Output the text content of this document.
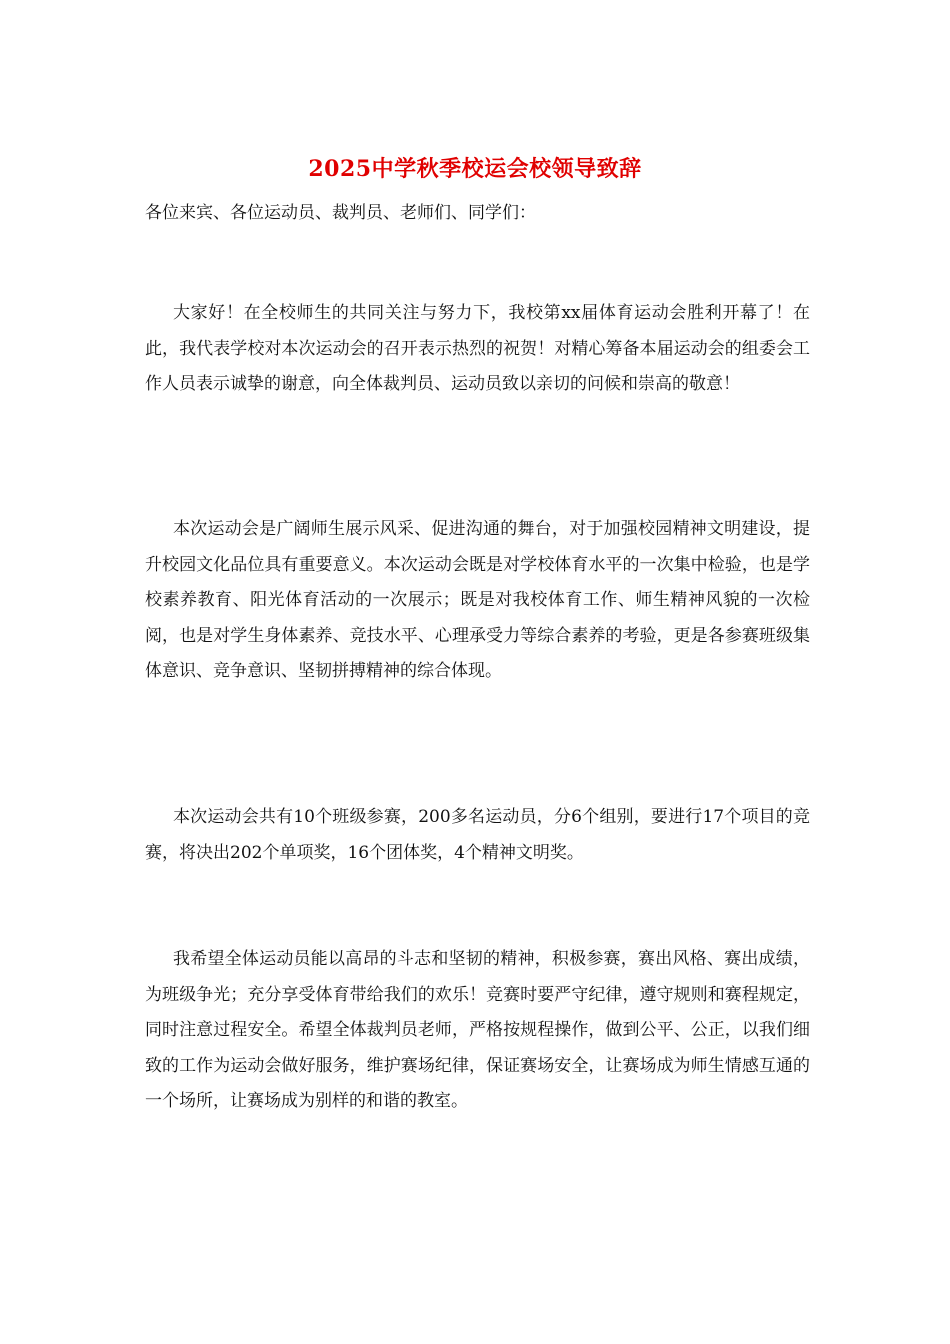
2025中学秋季校运会校领导致辞

各位来宾、各位运动员、裁判员、老师们、同学们：

大家好！在全校师生的共同关注与努力下，我校第xx届体育运动会胜利开幕了！在此，我代表学校对本次运动会的召开表示热烈的祝贺！对精心筹备本届运动会的组委会工作人员表示诚挚的谢意，向全体裁判员、运动员致以亲切的问候和崇高的敬意！

本次运动会是广阔师生展示风采、促进沟通的舞台，对于加强校园精神文明建设，提升校园文化品位具有重要意义。本次运动会既是对学校体育水平的一次集中检验，也是学校素养教育、阳光体育活动的一次展示；既是对我校体育工作、师生精神风貌的一次检阅，也是对学生身体素养、竞技水平、心理承受力等综合素养的考验，更是各参赛班级集体意识、竞争意识、坚韧拼搏精神的综合体现。

本次运动会共有10个班级参赛，200多名运动员，分6个组别，要进行17个项目的竞赛，将决出202个单项奖，16个团体奖，4个精神文明奖。

我希望全体运动员能以高昂的斗志和坚韧的精神，积极参赛，赛出风格、赛出成绩，为班级争光；充分享受体育带给我们的欢乐！竞赛时要严守纪律，遵守规则和赛程规定，同时注意过程安全。希望全体裁判员老师，严格按规程操作，做到公平、公正，以我们细致的工作为运动会做好服务，维护赛场纪律，保证赛场安全，让赛场成为师生情感互通的一个场所，让赛场成为别样的和谐的教室。
